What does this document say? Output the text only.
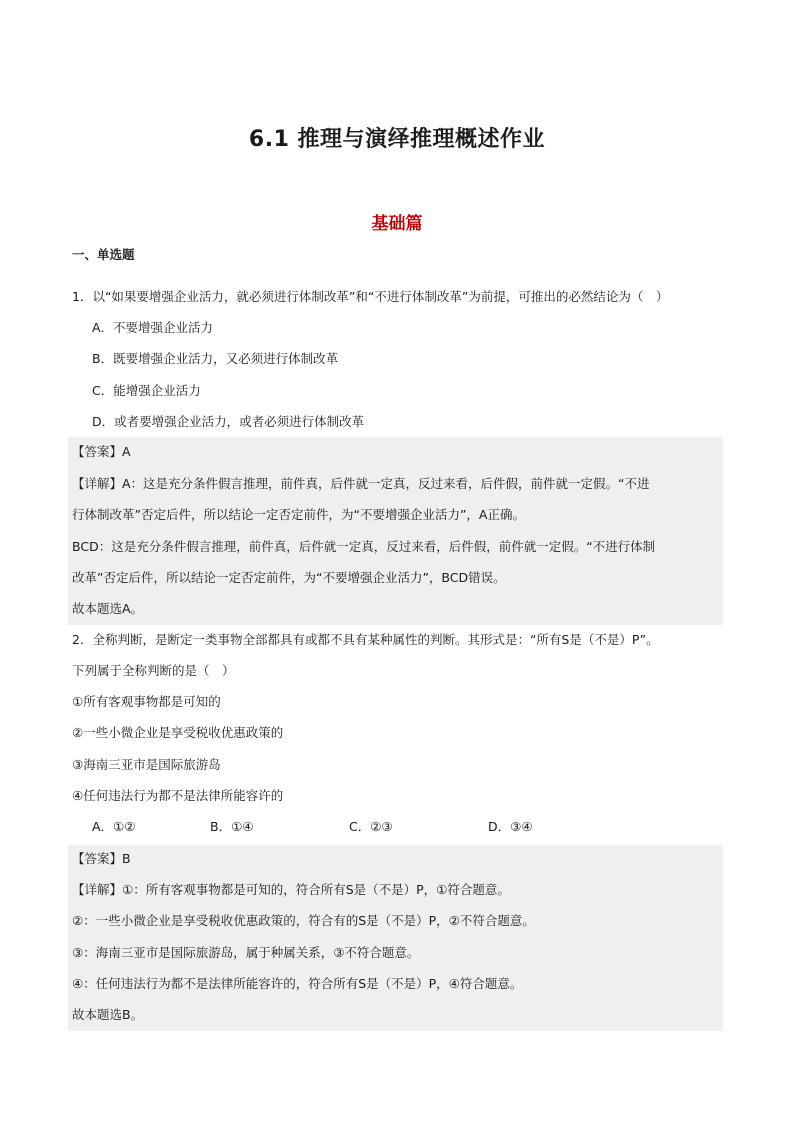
6.1 推理与演绎推理概述作业
基础篇
一、单选题
1．以“如果要增强企业活力，就必须进行体制改革”和“不进行体制改革”为前提，可推出的必然结论为（　）
A．不要增强企业活力
B．既要增强企业活力，又必须进行体制改革
C．能增强企业活力
D．或者要增强企业活力，或者必须进行体制改革
【答案】A
【详解】A：这是充分条件假言推理，前件真，后件就一定真，反过来看，后件假，前件就一定假。“不进
行体制改革”否定后件，所以结论一定否定前件，为“不要增强企业活力”，A正确。
BCD：这是充分条件假言推理，前件真，后件就一定真，反过来看，后件假，前件就一定假。“不进行体制
改革”否定后件，所以结论一定否定前件，为“不要增强企业活力”，BCD错误。
故本题选A。
2．全称判断，是断定一类事物全部都具有或都不具有某种属性的判断。其形式是：“所有S是（不是）P”。
下列属于全称判断的是（　）
①所有客观事物都是可知的
②一些小微企业是享受税收优惠政策的
③海南三亚市是国际旅游岛
④任何违法行为都不是法律所能容许的
A．①②	B．①④	C．②③	D．③④
【答案】B
【详解】①：所有客观事物都是可知的，符合所有S是（不是）P，①符合题意。
②：一些小微企业是享受税收优惠政策的，符合有的S是（不是）P，②不符合题意。
③：海南三亚市是国际旅游岛，属于种属关系，③不符合题意。
④：任何违法行为都不是法律所能容许的，符合所有S是（不是）P，④符合题意。
故本题选B。
